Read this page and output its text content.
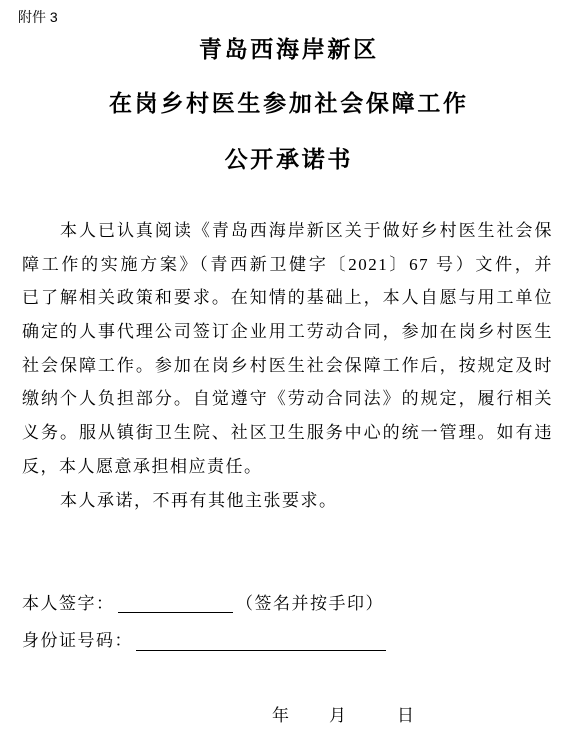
附件 3
青岛西海岸新区
在岗乡村医生参加社会保障工作
公开承诺书
本人已认真阅读《青岛西海岸新区关于做好乡村医生社会保
障工作的实施方案》（青西新卫健字〔2021〕67 号）文件，并
已了解相关政策和要求。在知情的基础上，本人自愿与用工单位
确定的人事代理公司签订企业用工劳动合同，参加在岗乡村医生
社会保障工作。参加在岗乡村医生社会保障工作后，按规定及时
缴纳个人负担部分。自觉遵守《劳动合同法》的规定，履行相关
义务。服从镇街卫生院、社区卫生服务中心的统一管理。如有违
反，本人愿意承担相应责任。
本人承诺，不再有其他主张要求。
本人签字：	（签名并按手印）
身份证号码：
年 月	日
